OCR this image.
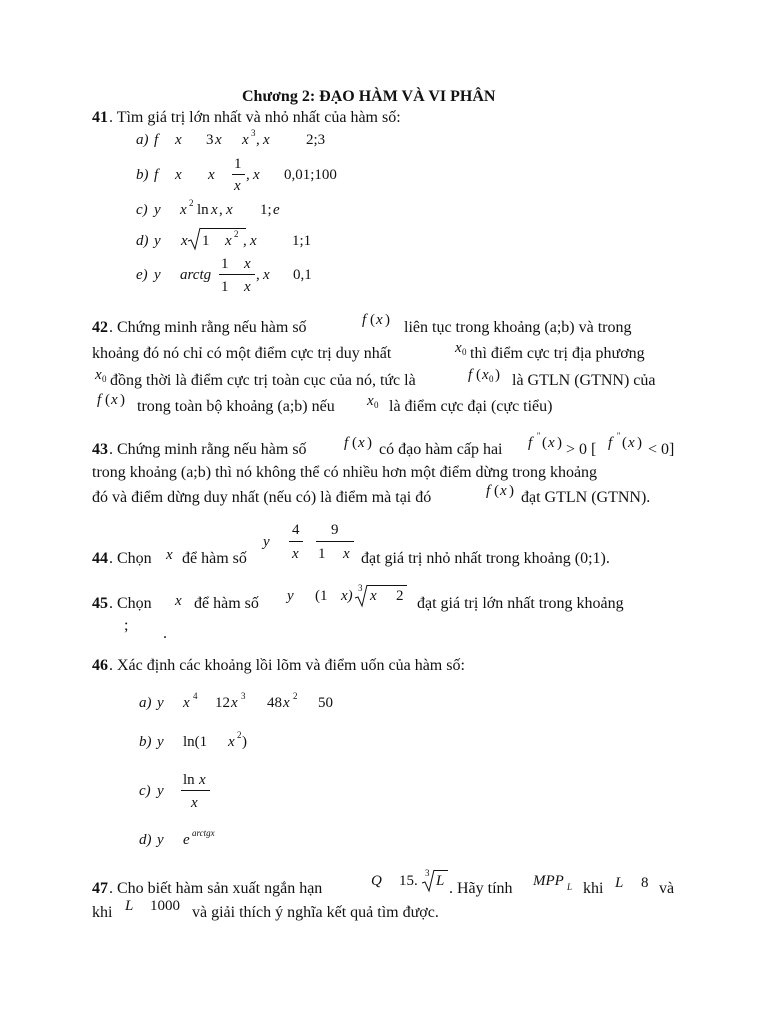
Chương 2: ĐẠO HÀM VÀ VI PHÂN
41 . Tìm giá trị lớn nhất và nhỏ nhất của hàm số:
a) f x 3 x x 3 , x 2;3
b) f x x
1
x
, x 0,01;100
c) y x 2 ln x , x 1; e
d) y x 1 x 2 , x 1;1
e) y arctg
1 x
1 x
, x 0,1
42 . Chứng minh rằng nếu hàm số	f ( x ) liên tục trong khoảng (a;b) và trong
khoảng đó nó chỉ có một điểm cực trị duy nhất	x 0 thì điểm cực trị địa phương
x 0 đồng thời là điểm cực trị toàn cục của nó, tức là	f ( x 0 ) là GTLN (GTNN) của
f ( x ) trong toàn bộ khoảng (a;b) nếu x 0 là điểm cực đại (cực tiểu)
43 . Chứng minh rằng nếu hàm số f ( x ) có đạo hàm cấp hai f '' ( x ) > 0 [ f '' ( x ) < 0]
trong khoảng (a;b) thì nó không thể có nhiều hơn một điểm dừng trong khoảng
đó và điểm dừng duy nhất (nếu có) là điểm mà tại đó	f ( x ) đạt GTLN (GTNN).
44 . Chọn x để hàm số
y
4
x
9
1 x đạt giá trị nhỏ nhất trong khoảng (0;1).
45 . Chọn x để hàm số y (1 x) 3 x 2 đạt giá trị lớn nhất trong khoảng
; .
46 . Xác định các khoảng lồi lõm và điểm uốn của hàm số:
a) y x 4 12 x 3 48 x 2 50
b) y ln(1 x 2 )
c) y
ln x
x
d) y e arctgx
47 . Cho biết hàm sản xuất ngắn hạn	Q 15. 3 L . Hãy tính MPP L khi L 8 và
khi L 1000 và giải thích ý nghĩa kết quả tìm được.
